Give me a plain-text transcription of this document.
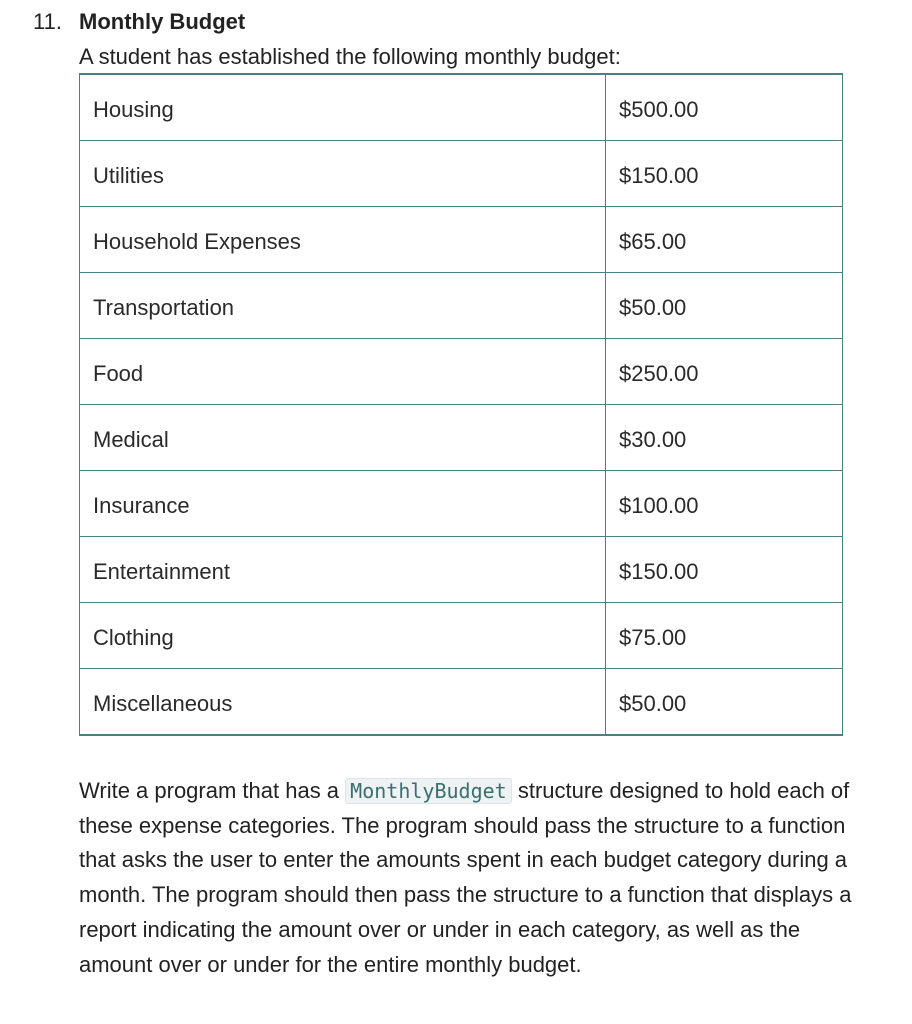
11. Monthly Budget
A student has established the following monthly budget:
Housing	$500.00

Utilities	$150.00

Household Expenses	$65.00

Transportation	$50.00

Food	$250.00

Medical	$30.00

Insurance	$100.00

Entertainment	$150.00

Clothing	$75.00

Miscellaneous	$50.00
Write a program that has a MonthlyBudget structure designed to hold each of these expense categories. The program should pass the structure to a function that asks the user to enter the amounts spent in each budget category during a month. The program should then pass the structure to a function that displays a report indicating the amount over or under in each category, as well as the amount over or under for the entire monthly budget.
